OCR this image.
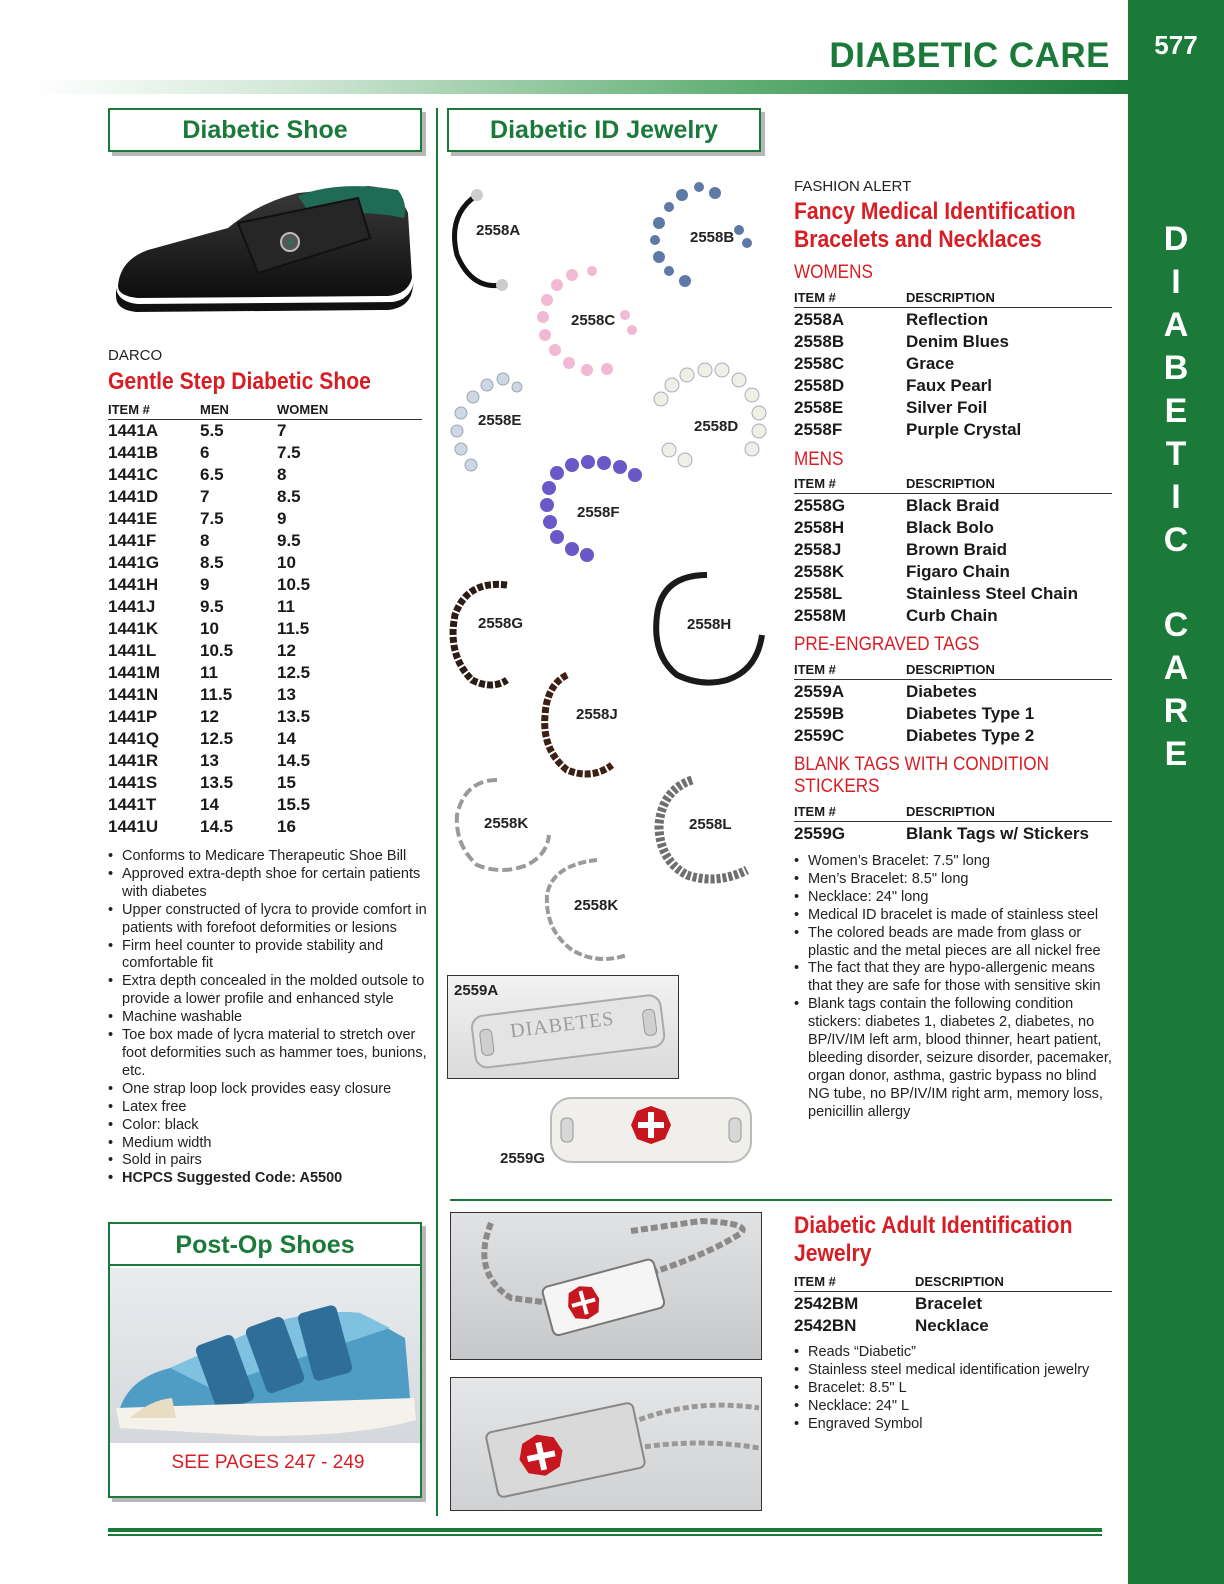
577
D
I
A
B
E
T
I
C
C
A
R
E
DIABETIC CARE
Diabetic Shoe
DARCO
Gentle Step Diabetic Shoe
ITEM #	MEN	WOMEN
1441A 5.5	7
1441B 6	7.5
1441C 6.5	8
1441D 7	8.5
1441E	7.5	9
1441F	8	9.5
1441G 8.5	10
1441H 9	10.5
1441J	9.5	11
1441K 10	11.5
1441L	10.5	12
1441M 11	12.5
1441N 11.5	13
1441P	12	13.5
1441Q 12.5	14
1441R 13	14.5
1441S	13.5	15
1441T	14	15.5
1441U 14.5	16
• Conforms to Medicare Therapeutic Shoe Bill
• Approved extra-depth shoe for certain patients with diabetes
• Upper constructed of lycra to provide comfort in patients with forefoot deformities or lesions
• Firm heel counter to provide stability and comfortable fit
• Extra depth concealed in the molded outsole to provide a lower profile and enhanced style
• Machine washable
• Toe box made of lycra material to stretch over foot deformities such as hammer toes, bunions, etc.
• One strap loop lock provides easy closure
• Latex free
• Color: black
• Medium width
• Sold in pairs
• HCPCS Suggested Code: A5500
Post-Op Shoes
SEE PAGES 247 - 249
Diabetic ID Jewelry
2558A	2558B
2558C
2558E	2558D
2558F
2558G	2558H
2558J
2558K	2558L
2558K
2559A
DIABETES
2559G
FASHION ALERT
Fancy Medical Identification
Bracelets and Necklaces
WOMENS
ITEM #	DESCRIPTION
2558A	Reflection
2558B	Denim Blues
2558C	Grace
2558D	Faux Pearl
2558E	Silver Foil
2558F	Purple Crystal
MENS
ITEM #	DESCRIPTION
2558G	Black Braid
2558H	Black Bolo
2558J	Brown Braid
2558K	Figaro Chain
2558L	Stainless Steel Chain
2558M	Curb Chain
PRE-ENGRAVED TAGS
ITEM #	DESCRIPTION
2559A	Diabetes
2559B	Diabetes Type 1
2559C	Diabetes Type 2
BLANK TAGS WITH CONDITION
STICKERS
ITEM #	DESCRIPTION
2559G	Blank Tags w/ Stickers
• Women’s Bracelet: 7.5" long
• Men’s Bracelet: 8.5" long
• Necklace: 24" long
• Medical ID bracelet is made of stainless steel
• The colored beads are made from glass or plastic and the metal pieces are all nickel free
• The fact that they are hypo-allergenic means that they are safe for those with sensitive skin
• Blank tags contain the following condition stickers: diabetes 1, diabetes 2, diabetes, no BP/IV/IM left arm, blood thinner, heart patient, bleeding disorder, seizure disorder, pacemaker, organ donor, asthma, gastric bypass no blind NG tube, no BP/IV/IM right arm, memory loss, penicillin allergy
Diabetic Adult Identification
Jewelry
ITEM #	DESCRIPTION
2542BM	Bracelet
2542BN	Necklace
• Reads “Diabetic”
• Stainless steel medical identification jewelry
• Bracelet: 8.5" L
• Necklace: 24" L
• Engraved Symbol
